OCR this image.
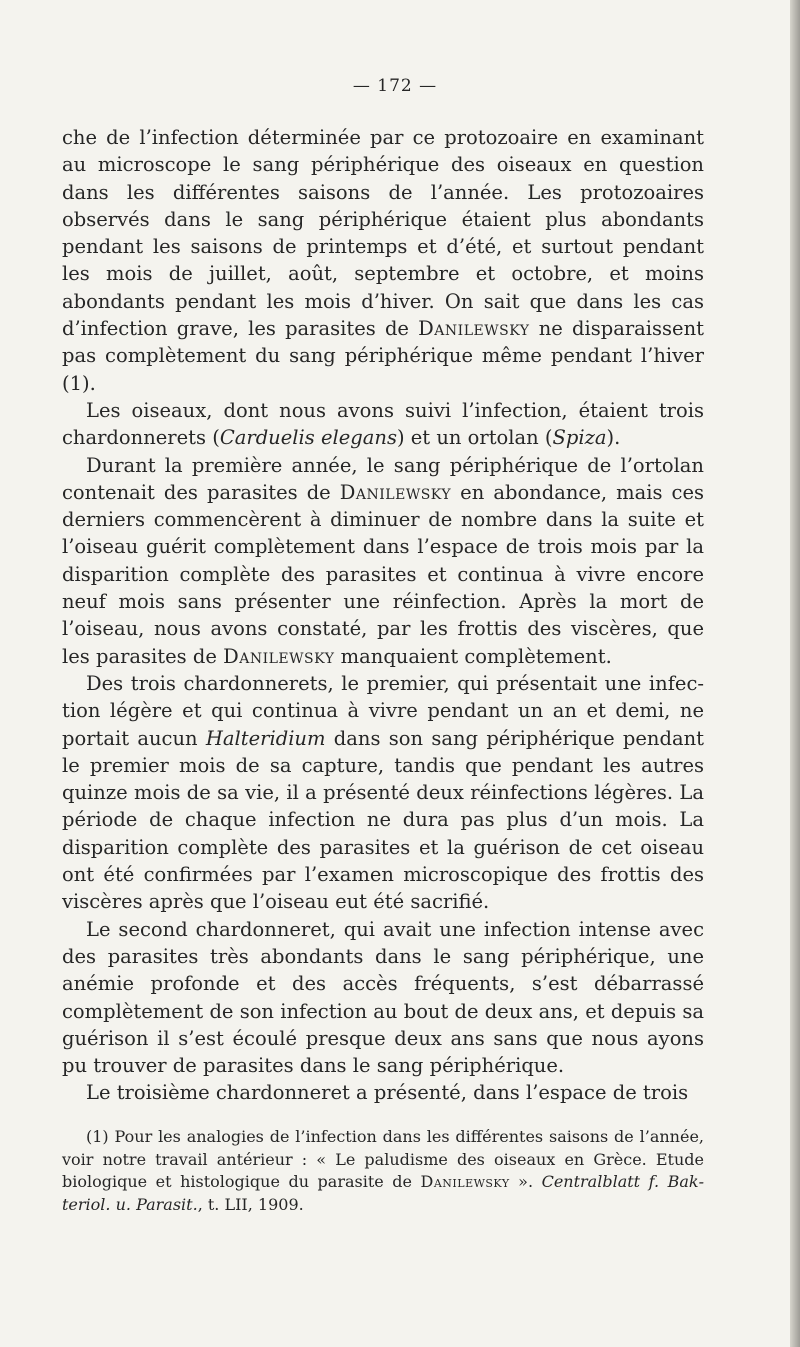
— 172 —

che de l’infection déterminée par ce protozoaire en examinant au microscope le sang périphérique des oiseaux en question dans les différentes saisons de l’année. Les protozoaires observés dans le sang périphérique étaient plus abondants pendant les saisons de printemps et d’été, et surtout pendant les mois de juillet, août, septembre et octobre, et moins abondants pendant les mois d’hiver. On sait que dans les cas d’infection grave, les parasites de Danilewsky ne disparaissent pas complètement du sang périphérique même pendant l’hiver (1).

Les oiseaux, dont nous avons suivi l’infection, étaient trois chardonnerets (Carduelis elegans) et un ortolan (Spiza).

Durant la première année, le sang périphérique de l’ortolan contenait des parasites de Danilewsky en abondance, mais ces derniers commencèrent à diminuer de nombre dans la suite et l’oiseau guérit complètement dans l’espace de trois mois par la disparition complète des parasites et continua à vivre encore neuf mois sans présenter une réinfection. Après la mort de l’oiseau, nous avons constaté, par les frottis des viscères, que les parasites de Danilewsky manquaient complètement.

Des trois chardonnerets, le premier, qui présentait une infection légère et qui continua à vivre pendant un an et demi, ne portait aucun Halteridium dans son sang périphérique pendant le premier mois de sa capture, tandis que pendant les autres quinze mois de sa vie, il a présenté deux réinfections légères. La période de chaque infection ne dura pas plus d’un mois. La disparition complète des parasites et la guérison de cet oiseau ont été confirmées par l’examen microscopique des frottis des viscères après que l’oiseau eut été sacrifié.

Le second chardonneret, qui avait une infection intense avec des parasites très abondants dans le sang périphérique, une anémie profonde et des accès fréquents, s’est débarrassé complètement de son infection au bout de deux ans, et depuis sa guérison il s’est écoulé presque deux ans sans que nous ayons pu trouver de parasites dans le sang périphérique.

Le troisième chardonneret a présenté, dans l’espace de trois

(1) Pour les analogies de l’infection dans les différentes saisons de l’année, voir notre travail antérieur : « Le paludisme des oiseaux en Grèce. Etude biologique et histologique du parasite de Danilewsky ». Centralblatt f. Bakteriol. u. Parasit., t. LII, 1909.
